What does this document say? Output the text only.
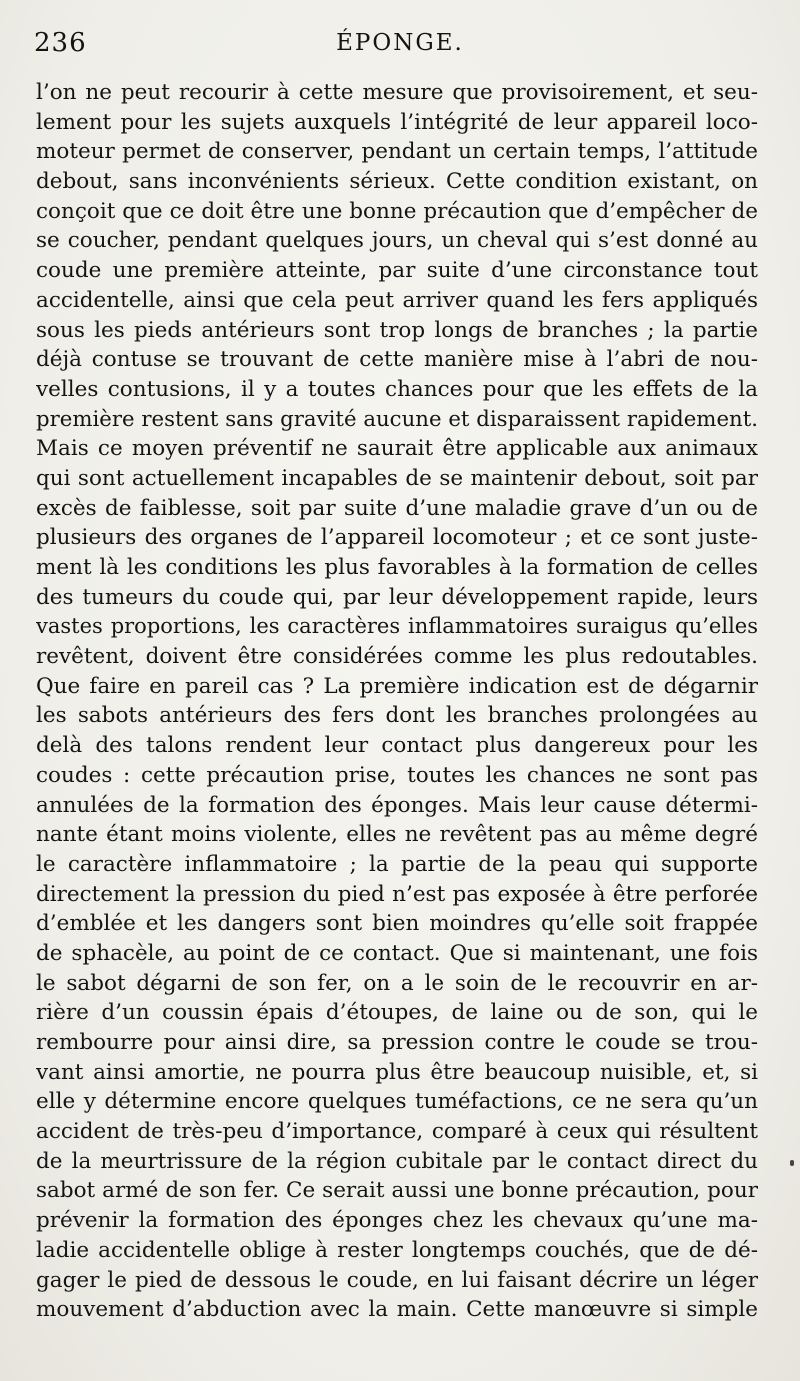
236	ÉPONGE.
l’on ne peut recourir à cette mesure que provisoirement, et seu-
lement pour les sujets auxquels l’intégrité de leur appareil loco-
moteur permet de conserver, pendant un certain temps, l’attitude
debout, sans inconvénients sérieux. Cette condition existant, on
conçoit que ce doit être une bonne précaution que d’empêcher de
se coucher, pendant quelques jours, un cheval qui s’est donné au
coude une première atteinte, par suite d’une circonstance tout
accidentelle, ainsi que cela peut arriver quand les fers appliqués
sous les pieds antérieurs sont trop longs de branches ; la partie
déjà contuse se trouvant de cette manière mise à l’abri de nou-
velles contusions, il y a toutes chances pour que les effets de la
première restent sans gravité aucune et disparaissent rapidement.
Mais ce moyen préventif ne saurait être applicable aux animaux
qui sont actuellement incapables de se maintenir debout, soit par
excès de faiblesse, soit par suite d’une maladie grave d’un ou de
plusieurs des organes de l’appareil locomoteur ; et ce sont juste-
ment là les conditions les plus favorables à la formation de celles
des tumeurs du coude qui, par leur développement rapide, leurs
vastes proportions, les caractères inflammatoires suraigus qu’elles
revêtent, doivent être considérées comme les plus redoutables.
Que faire en pareil cas ? La première indication est de dégarnir
les sabots antérieurs des fers dont les branches prolongées au
delà des talons rendent leur contact plus dangereux pour les
coudes : cette précaution prise, toutes les chances ne sont pas
annulées de la formation des éponges. Mais leur cause détermi-
nante étant moins violente, elles ne revêtent pas au même degré
le caractère inflammatoire ; la partie de la peau qui supporte
directement la pression du pied n’est pas exposée à être perforée
d’emblée et les dangers sont bien moindres qu’elle soit frappée
de sphacèle, au point de ce contact. Que si maintenant, une fois
le sabot dégarni de son fer, on a le soin de le recouvrir en ar-
rière d’un coussin épais d’étoupes, de laine ou de son, qui le
rembourre pour ainsi dire, sa pression contre le coude se trou-
vant ainsi amortie, ne pourra plus être beaucoup nuisible, et, si
elle y détermine encore quelques tuméfactions, ce ne sera qu’un
accident de très-peu d’importance, comparé à ceux qui résultent
de la meurtrissure de la région cubitale par le contact direct du
sabot armé de son fer. Ce serait aussi une bonne précaution, pour
prévenir la formation des éponges chez les chevaux qu’une ma-
ladie accidentelle oblige à rester longtemps couchés, que de dé-
gager le pied de dessous le coude, en lui faisant décrire un léger
mouvement d’abduction avec la main. Cette manœuvre si simple
